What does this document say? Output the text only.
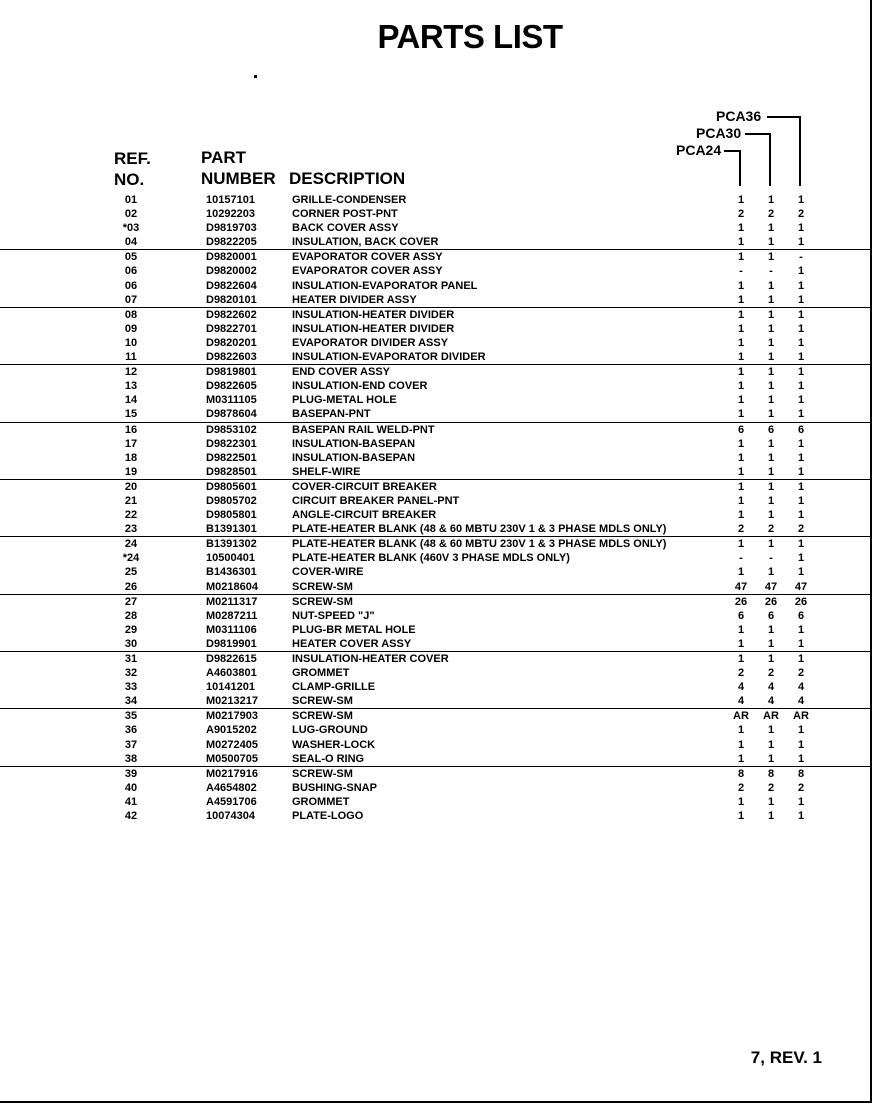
PARTS LIST
REF.
NO.
PART
NUMBER DESCRIPTION
PCA36
PCA30
PCA24
01	10157101	GRILLE-CONDENSER	1	1	1
02	10292203	CORNER POST-PNT	2	2	2
*03	D9819703	BACK COVER ASSY	1	1	1
04	D9822205	INSULATION, BACK COVER	1	1	1
05	D9820001	EVAPORATOR COVER ASSY	1	1	-
06	D9820002	EVAPORATOR COVER ASSY	-	-	1
06	D9822604	INSULATION-EVAPORATOR PANEL	1	1	1
07	D9820101	HEATER DIVIDER ASSY	1	1	1
08	D9822602	INSULATION-HEATER DIVIDER	1	1	1
09	D9822701	INSULATION-HEATER DIVIDER	1	1	1
10	D9820201	EVAPORATOR DIVIDER ASSY	1	1	1
11	D9822603	INSULATION-EVAPORATOR DIVIDER	1	1	1
12	D9819801	END COVER ASSY	1	1	1
13	D9822605	INSULATION-END COVER	1	1	1
14	M0311105	PLUG-METAL HOLE	1	1	1
15	D9878604	BASEPAN-PNT	1	1	1
16	D9853102	BASEPAN RAIL WELD-PNT	6	6	6
17	D9822301	INSULATION-BASEPAN	1	1	1
18	D9822501	INSULATION-BASEPAN	1	1	1
19	D9828501	SHELF-WIRE	1	1	1
20	D9805601	COVER-CIRCUIT BREAKER	1	1	1
21	D9805702	CIRCUIT BREAKER PANEL-PNT	1	1	1
22	D9805801	ANGLE-CIRCUIT BREAKER	1	1	1
23	B1391301	PLATE-HEATER BLANK (48 & 60 MBTU 230V 1 & 3 PHASE MDLS ONLY)	2	2	2
24	B1391302	PLATE-HEATER BLANK (48 & 60 MBTU 230V 1 & 3 PHASE MDLS ONLY)	1	1	1
*24	10500401	PLATE-HEATER BLANK (460V 3 PHASE MDLS ONLY)	-	-	1
25	B1436301	COVER-WIRE	1	1	1
26	M0218604	SCREW-SM	47	47	47
27	M0211317	SCREW-SM	26	26	26
28	M0287211	NUT-SPEED "J"	6	6	6
29	M0311106	PLUG-BR METAL HOLE	1	1	1
30	D9819901	HEATER COVER ASSY	1	1	1
31	D9822615	INSULATION-HEATER COVER	1	1	1
32	A4603801	GROMMET	2	2	2
33	10141201	CLAMP-GRILLE	4	4	4
34	M0213217	SCREW-SM	4	4	4
35	M0217903	SCREW-SM	AR	AR	AR
36	A9015202	LUG-GROUND	1	1	1
37	M0272405	WASHER-LOCK	1	1	1
38	M0500705	SEAL-O RING	1	1	1
39	M0217916	SCREW-SM	8	8	8
40	A4654802	BUSHING-SNAP	2	2	2
41	A4591706	GROMMET	1	1	1
42	10074304	PLATE-LOGO	1	1	1
7, REV. 1
